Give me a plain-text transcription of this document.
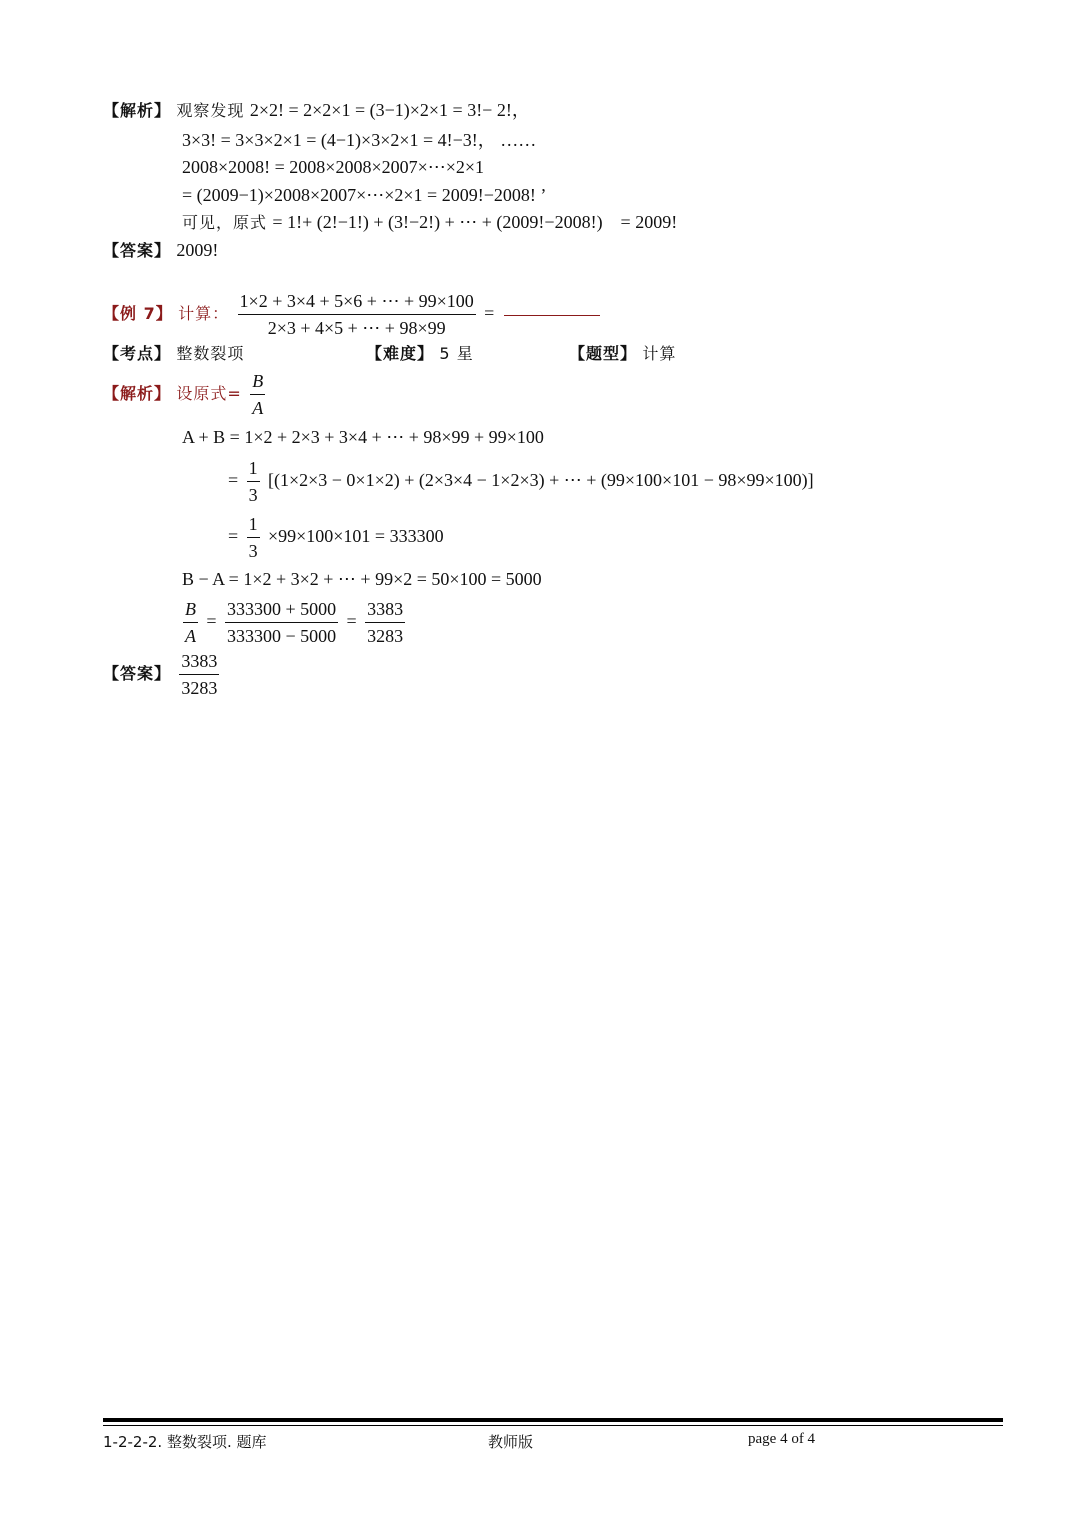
【解析】 观察发现 2×2! = 2×2×1 = (3−1)×2×1 = 3!− 2!，
3×3! = 3×3×2×1 = (4−1)×3×2×1 = 4!−3!， ……
2008×2008! = 2008×2008×2007×⋯×2×1
= (2009−1)×2008×2007×⋯×2×1 = 2009!−2008! ’
可见，原式 = 1!+ (2!−1!) + (3!−2!) + ⋯ + (2009!−2008!)　= 2009!
【答案】 2009!
【例 7】 计算： $\frac{1\times 2 + 3\times 4 + 5\times 6 + \cdots + 99\times 100}{2\times 3 + 4\times 5 + \cdots + 98\times 99}$ =
【考点】 整数裂项	【难度】 5 星	【题型】 计算
【解析】 设原式= $\frac{B}{A}$
A + B = 1×2 + 2×3 + 3×4 + ⋯ + 98×99 + 99×100
= $\frac{1}{3} [(1\times 2\times 3 - 0\times 1\times 2) + (2\times 3\times 4 - 1\times 2\times 3)$ + ⋯ + (99×100×101 − 98×99×100)]
= $\frac{1}{3} \times 99\times 100\times 101 = 333300$
B − A = 1×2 + 3×2 + ⋯ + 99×2 = 50×100 = 5000
$\frac{B}{A} = \frac{333300 + 5000}{333300 - 5000} = \frac{3383}{3283}$
【答案】 $\frac{3383}{3283}$
1-2-2-2. 整数裂项. 题库	教师版	page 4 of 4
